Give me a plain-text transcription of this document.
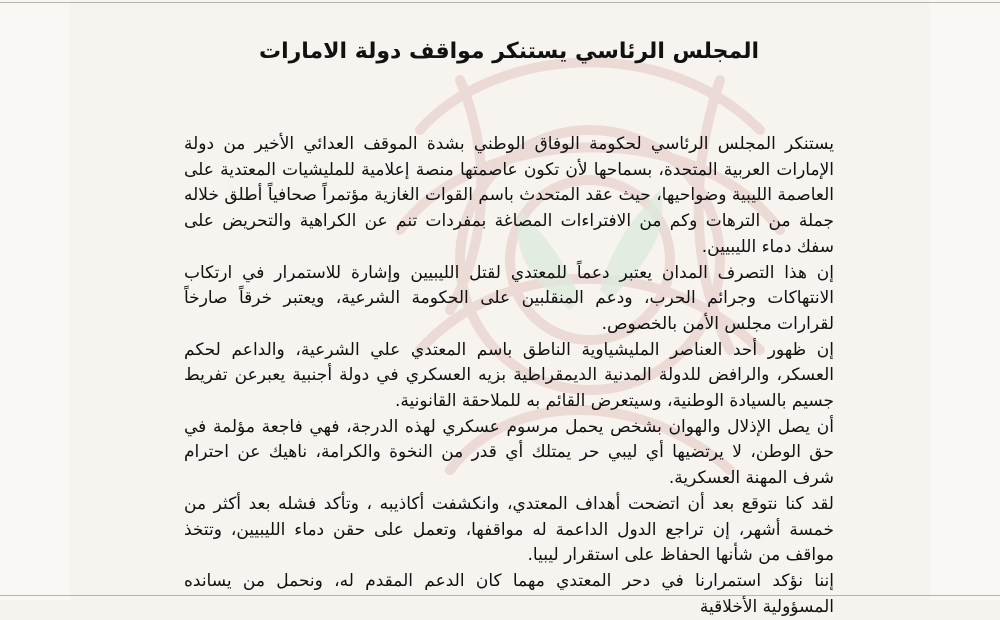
المجلس الرئاسي يستنكر مواقف دولة الامارات

يستنكر المجلس الرئاسي لحكومة الوفاق الوطني بشدة الموقف العدائي الأخير من دولة الإمارات العربية المتحدة، بسماحها لأن تكون عاصمتها منصة إعلامية للمليشيات المعتدية على العاصمة الليبية وضواحيها، حيث عقد المتحدث باسم القوات الغازية مؤتمراً صحافياً أطلق خلاله جملة من الترهات وكم من الافتراءات المصاغة بمفردات تنم عن الكراهية والتحريض على سفك دماء الليبيين.

إن هذا التصرف المدان يعتبر دعماً للمعتدي لقتل الليبيين وإشارة للاستمرار في ارتكاب الانتهاكات وجرائم الحرب، ودعم المنقلبين على الحكومة الشرعية، ويعتبر خرقاً صارخاً لقرارات مجلس الأمن بالخصوص.

إن ظهور أحد العناصر المليشياوية الناطق باسم المعتدي علي الشرعية، والداعم لحكم العسكر، والرافض للدولة المدنية الديمقراطية بزيه العسكري في دولة أجنبية يعبرعن تفريط جسيم بالسيادة الوطنية، وسيتعرض القائم به للملاحقة القانونية.

أن يصل الإذلال والهوان بشخص يحمل مرسوم عسكري لهذه الدرجة، فهي فاجعة مؤلمة في حق الوطن، لا يرتضيها أي ليبي حر يمتلك أي قدر من النخوة والكرامة، ناهيك عن احترام شرف المهنة العسكرية.

لقد كنا نتوقع بعد أن اتضحت أهداف المعتدي، وانكشفت أكاذيبه ، وتأكد فشله بعد أكثر من خمسة أشهر، إن تراجع الدول الداعمة له مواقفها، وتعمل على حقن دماء الليبيين، وتتخذ مواقف من شأنها الحفاظ على استقرار ليبيا.

إننا نؤكد استمرارنا في دحر المعتدي مهما كان الدعم المقدم له، ونحمل من يسانده المسؤولية الأخلاقية
